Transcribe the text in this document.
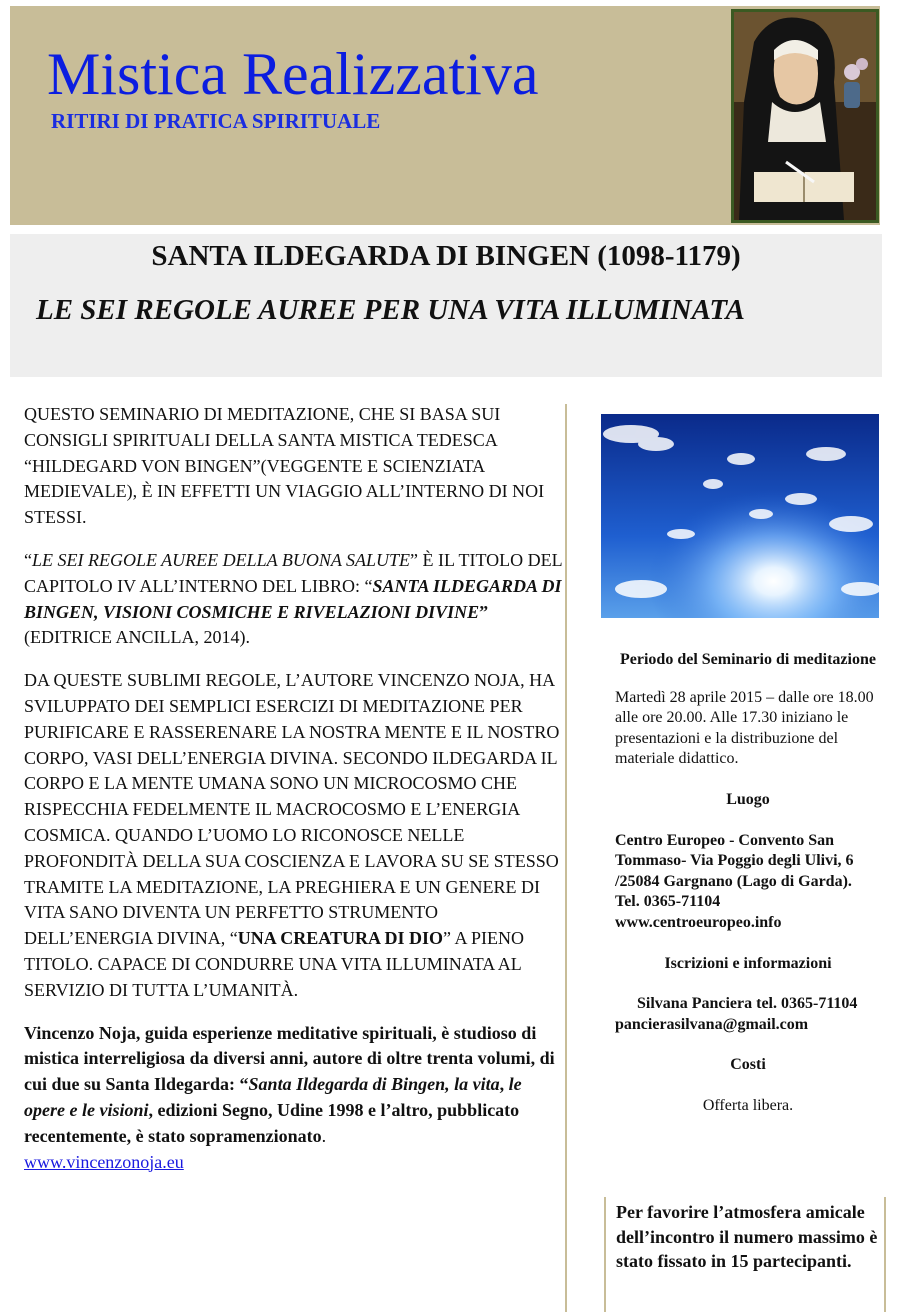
Mistica Realizzativa
RITIRI DI PRATICA SPIRITUALE
SANTA ILDEGARDA DI BINGEN (1098-1179)
LE SEI REGOLE AUREE PER UNA VITA ILLUMINATA

QUESTO SEMINARIO DI MEDITAZIONE, CHE SI BASA SUI CONSIGLI SPIRITUALI DELLA SANTA MISTICA TEDESCA “HILDEGARD VON BINGEN”(VEGGENTE E SCIENZIATA MEDIEVALE), È IN EFFETTI UN VIAGGIO ALL’INTERNO DI NOI STESSI.

“LE SEI REGOLE AUREE DELLA BUONA SALUTE” È IL TITOLO DEL CAPITOLO IV ALL’INTERNO DEL LIBRO: “SANTA ILDEGARDA DI BINGEN, VISIONI COSMICHE E RIVELAZIONI DIVINE” (EDITRICE ANCILLA, 2014).

DA QUESTE SUBLIMI REGOLE, L’AUTORE VINCENZO NOJA, HA SVILUPPATO DEI SEMPLICI ESERCIZI DI MEDITAZIONE PER PURIFICARE E RASSERENARE LA NOSTRA MENTE E IL NOSTRO CORPO, VASI DELL’ENERGIA DIVINA. SECONDO ILDEGARDA IL CORPO E LA MENTE UMANA SONO UN MICROCOSMO CHE RISPECCHIA FEDELMENTE IL MACROCOSMO E L’ENERGIA COSMICA. QUANDO L’UOMO LO RICONOSCE NELLE PROFONDITÀ DELLA SUA COSCIENZA E LAVORA SU SE STESSO TRAMITE LA MEDITAZIONE, LA PREGHIERA E UN GENERE DI VITA SANO DIVENTA UN PERFETTO STRUMENTO DELL’ENERGIA DIVINA, “UNA CREATURA DI DIO” A PIENO TITOLO. CAPACE DI CONDURRE UNA VITA ILLUMINATA AL SERVIZIO DI TUTTA L’UMANITÀ.

Vincenzo Noja, guida esperienze meditative spirituali, è studioso di mistica interreligiosa da diversi anni, autore di oltre trenta volumi, di cui due su Santa Ildegarda: “Santa Ildegarda di Bingen, la vita, le opere e le visioni, edizioni Segno, Udine 1998 e l’altro, pubblicato recentemente, è stato sopramenzionato.
www.vincenzonoja.eu

Periodo del Seminario di meditazione

Martedì 28 aprile 2015 – dalle ore 18.00 alle ore 20.00. Alle 17.30 iniziano le presentazioni e la distribuzione del materiale didattico.

Luogo

Centro Europeo - Convento San Tommaso- Via Poggio degli Ulivi, 6 /25084 Gargnano (Lago di Garda).

Tel. 0365-71104

www.centroeuropeo.info

Iscrizioni e informazioni

Silvana Panciera tel. 0365-71104

pancierasilvana@gmail.com

Costi

Offerta libera.

Per favorire l’atmosfera amicale dell’incontro il numero massimo è stato fissato in 15 partecipanti.
